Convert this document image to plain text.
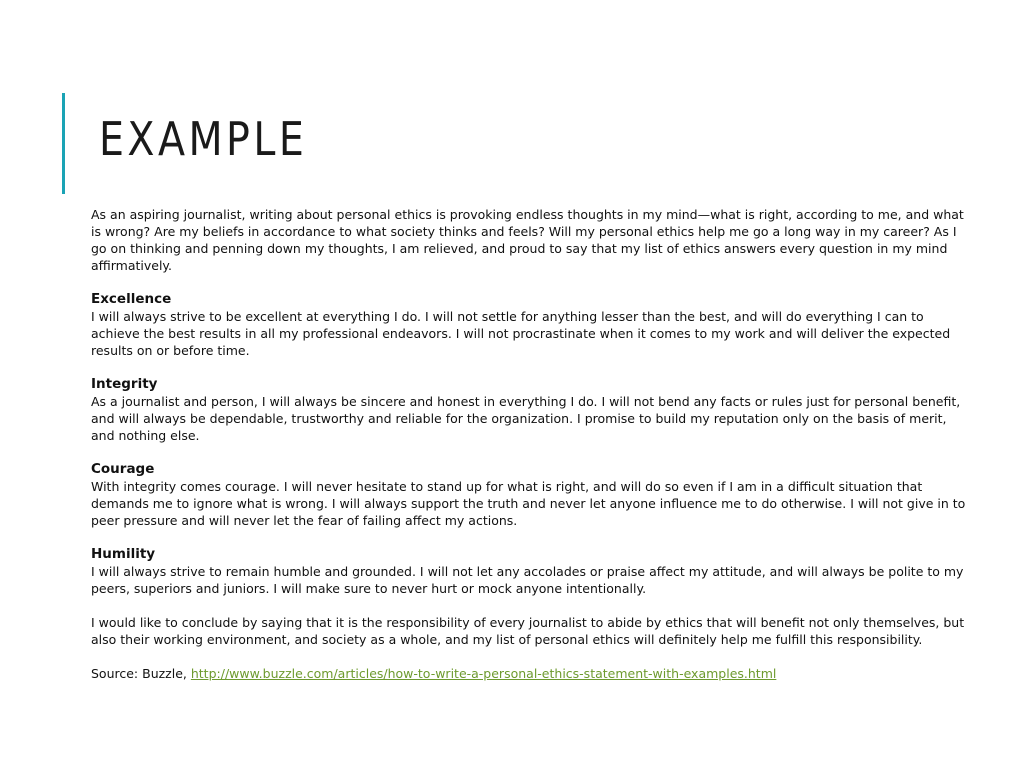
EXAMPLE

As an aspiring journalist, writing about personal ethics is provoking endless thoughts in my mind—what is right, according to me, and what is wrong? Are my beliefs in accordance to what society thinks and feels? Will my personal ethics help me go a long way in my career? As I go on thinking and penning down my thoughts, I am relieved, and proud to say that my list of ethics answers every question in my mind affirmatively.

Excellence
I will always strive to be excellent at everything I do. I will not settle for anything lesser than the best, and will do everything I can to achieve the best results in all my professional endeavors. I will not procrastinate when it comes to my work and will deliver the expected results on or before time.

Integrity
As a journalist and person, I will always be sincere and honest in everything I do. I will not bend any facts or rules just for personal benefit, and will always be dependable, trustworthy and reliable for the organization. I promise to build my reputation only on the basis of merit, and nothing else.

Courage
With integrity comes courage. I will never hesitate to stand up for what is right, and will do so even if I am in a difficult situation that demands me to ignore what is wrong. I will always support the truth and never let anyone influence me to do otherwise. I will not give in to peer pressure and will never let the fear of failing affect my actions.

Humility
I will always strive to remain humble and grounded. I will not let any accolades or praise affect my attitude, and will always be polite to my peers, superiors and juniors. I will make sure to never hurt or mock anyone intentionally.

I would like to conclude by saying that it is the responsibility of every journalist to abide by ethics that will benefit not only themselves, but also their working environment, and society as a whole, and my list of personal ethics will definitely help me fulfill this responsibility.

Source: Buzzle, http://www.buzzle.com/articles/how-to-write-a-personal-ethics-statement-with-examples.html
